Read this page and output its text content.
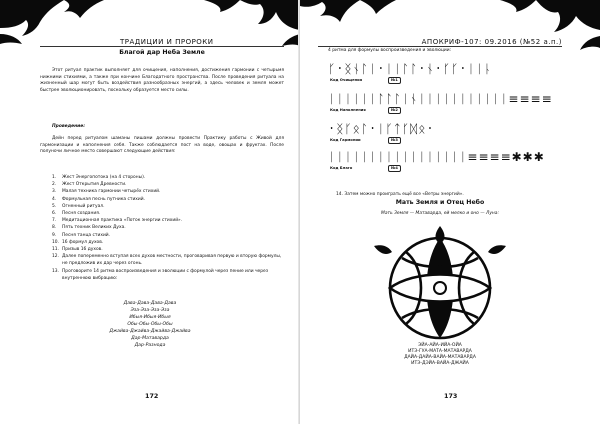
ТРАДИЦИИ И ПРОРОКИ
Благой дар Неба Земле
Этот ритуал практик выполняет для очищения, наполнения, достижения гармонии с четырьмя нижними стихиями, а также при кончине Благодатного пространства. После проведения ритуала на жизненный шар могут быть воздействия разнообразных энергий, а здесь человек и земля может быстрее эволюционировать, поскольку образуется место силы.
Проведение:
Дейн перед ритуалом шаманы пишами должны провести Практику работы с Живой для гармонизации и наполнения себя. Также соблюдается пост на воде, овощах и фруктах. После полуночи личное место совершают следующие действия:
1.	Жест Энергопотока (на 4 стороны).
2.	Жест Открытия Древности.
3.	Малая техника гармонии четырёх стихий.
4.	Формульная песнь путника стихий.
5.	Огненный ритуал.
6.	Песня создания.
7.	Медитационная практика «Поток энергии стихий».
8.	Пять техник Великих Духа.
9.	Песня танца стихий.
10. 16 формул духов.
11. Призыв 16 духов.
12. Далее попеременно вступая всех духов местности, проговаривая первую и вторую формулы, не предложив их дар через огонь.
13. Проговорите 14 ритма воспроизведения и эволюции с формулой через пение или через внутреннюю вибрацию:
Дава-Дава-Дава-Дава
Эза-Эза-Эза-Эза
Ибыя-Ибыя-Ибыя
Обы-Обы-Обы-Обы
Джайва-Джайва-Джайва-Джайва
Дар-Матаварда
Дар-Разнода
172
АПОКРИФ-107: 09.2016 (№52 а.п.)
4 ритма для формулы воспроизведения и эволюции:
ᚴ᛫ᛝᚾᛚᛁ᛫ᛁᛁᛚᛚ᛫ᚾ᛫ᚴᚴ᛫ᛁᛁᚿ
Код Очищения	№1
ᛁᛁᛁᛁᛁᛁᛚᛚᛚᛁᚾᛁᛁᛁᛁᛁᛁᛁᛁᛁᛁᛁ≡≡≡≡
Код Наполнения	№2
᛫ᛝᚴᛟᛚ᛫ᛁᚴᛏᚴᛞᛟ᛫
Код Гармонии	№3
ᛁᛁᛁᛁᛁᛁᛁᛁᛁᛁᛁᛁᛁᛁᛁᛁᛁ≡≡≡≡✱✱✱
Код Благо	№4
14. Затем можно проиграть ещё все «Ветры энергий».
Мать Земля и Отец Небо
Мать Земля — Матаварда, ей мелко и оно — Луна:
ЭЙА-АЙА-ИЙА-ОЙА
ИТЭ-ГУА-МАТА-МАТАВАРДА
ДАЙА-ДАЙА-ВАЙА-МАТАВАРДА
ИТЭ-ДЭЙА-ВАЙА-ДЖАЙА
173
